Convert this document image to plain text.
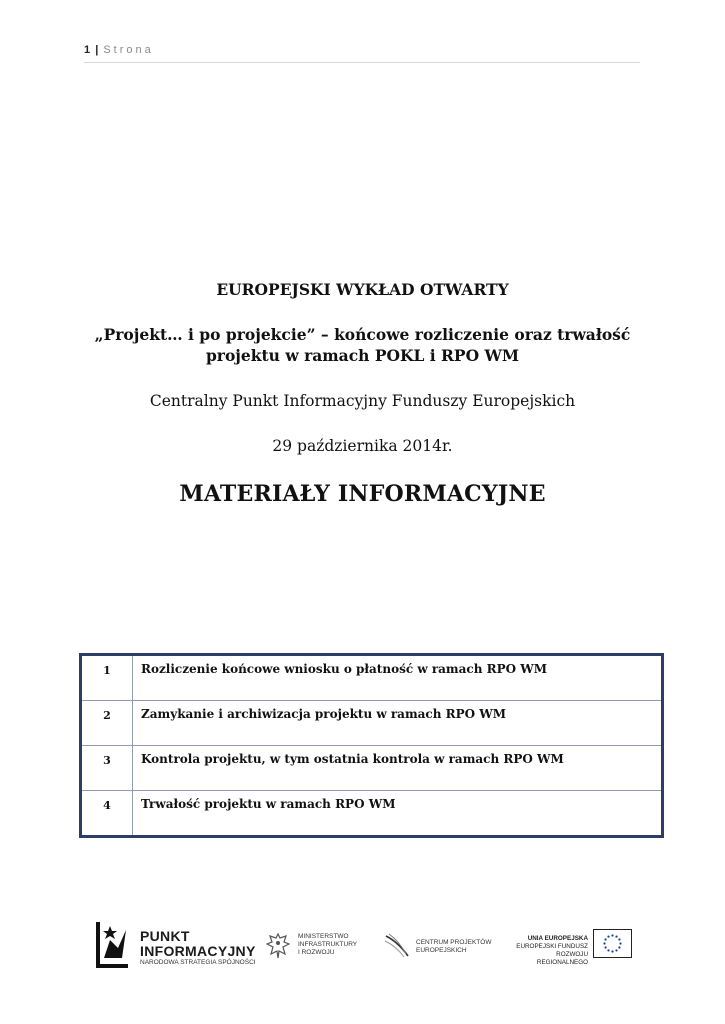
1 | Strona
EUROPEJSKI WYKŁAD OTWARTY
„Projekt… i po projekcie” – końcowe rozliczenie oraz trwałość
projektu w ramach POKL i RPO WM
Centralny Punkt Informacyjny Funduszy Europejskich
29 października 2014r.
MATERIAŁY INFORMACYJNE
1	Rozliczenie końcowe wniosku o płatność w ramach RPO WM
2	Zamykanie i archiwizacja projektu w ramach RPO WM
3	Kontrola projektu, w tym ostatnia kontrola w ramach RPO WM
4	Trwałość projektu w ramach RPO WM
PUNKT
INFORMACYJNY
NARODOWA STRATEGIA SPÓJNOŚCI
MINISTERSTWO
INFRASTRUKTURY
I ROZWOJU
CENTRUM PROJEKTÓW
EUROPEJSKICH
UNIA EUROPEJSKA
EUROPEJSKI FUNDUSZ
ROZWOJU REGIONALNEGO
